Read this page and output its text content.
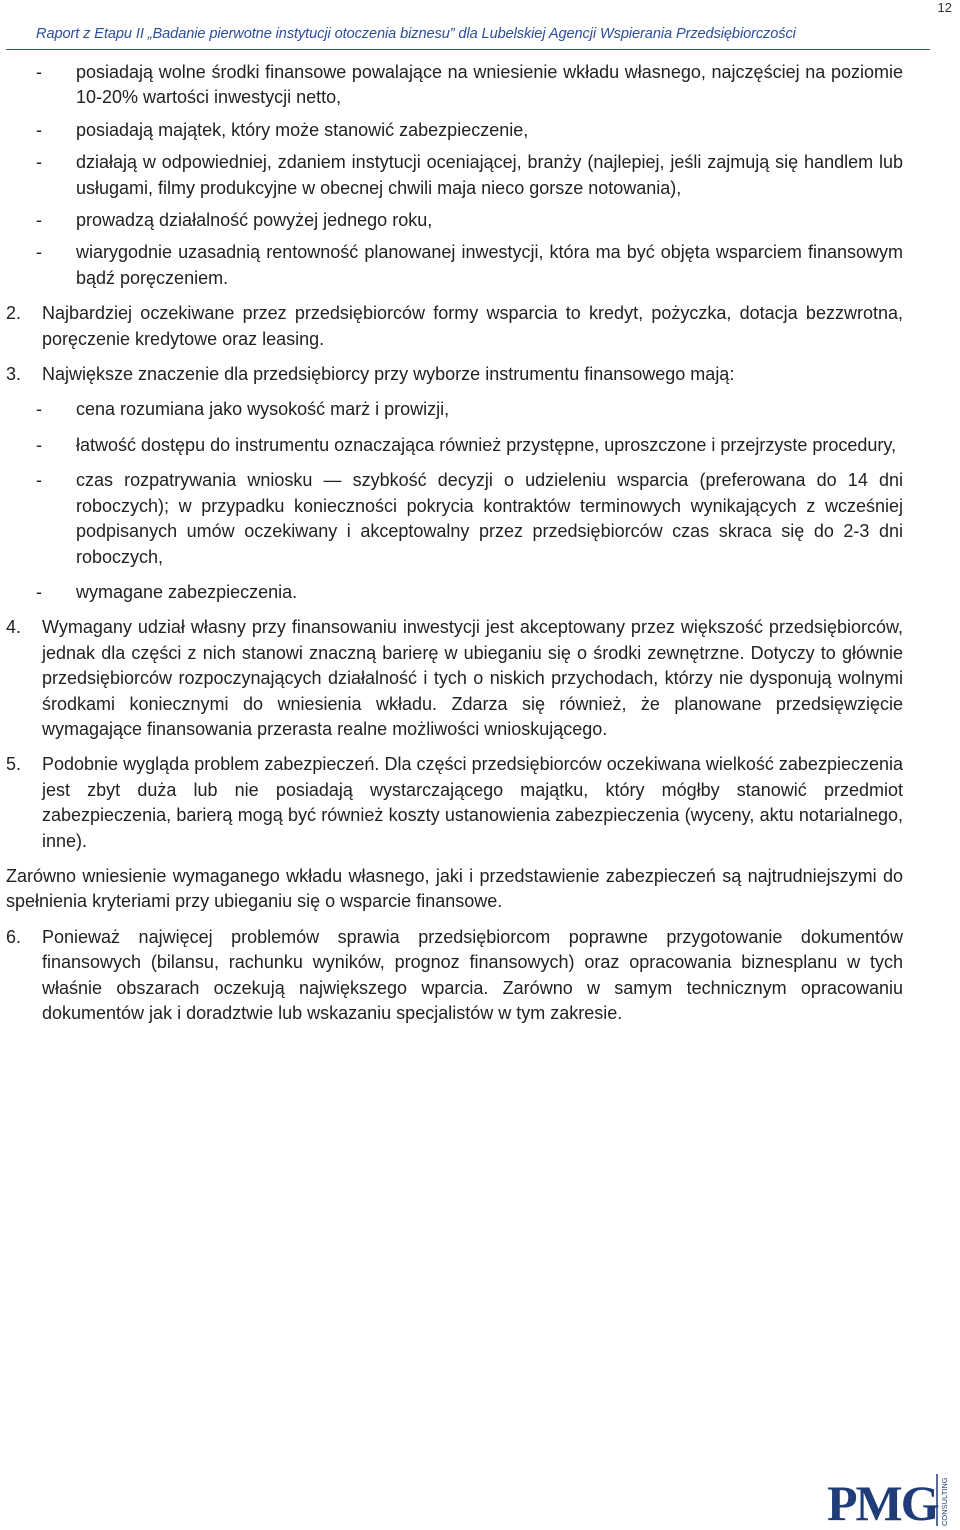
12
Raport z Etapu II „Badanie pierwotne instytucji otoczenia biznesu” dla Lubelskiej Agencji Wspierania Przedsiębiorczości
-	posiadają wolne środki finansowe powalające na wniesienie wkładu własnego, najczęściej na poziomie 10-20% wartości inwestycji netto,
-	posiadają majątek, który może stanowić zabezpieczenie,
-	działają w odpowiedniej, zdaniem instytucji oceniającej, branży (najlepiej, jeśli zajmują się handlem lub usługami, filmy produkcyjne w obecnej chwili maja nieco gorsze notowania),
-	prowadzą działalność powyżej jednego roku,
-	wiarygodnie uzasadnią rentowność planowanej inwestycji, która ma być objęta wsparciem finansowym bądź poręczeniem.
2.	Najbardziej oczekiwane przez przedsiębiorców formy wsparcia to kredyt, pożyczka, dotacja bezzwrotna, poręczenie kredytowe oraz leasing.
3.	Największe znaczenie dla przedsiębiorcy przy wyborze instrumentu finansowego mają:
-	cena rozumiana jako wysokość marż i prowizji,
-	łatwość dostępu do instrumentu oznaczająca również przystępne, uproszczone i przejrzyste procedury,
-	czas rozpatrywania wniosku — szybkość decyzji o udzieleniu wsparcia (preferowana do 14 dni roboczych); w przypadku konieczności pokrycia kontraktów terminowych wynikających z wcześniej podpisanych umów oczekiwany i akceptowalny przez przedsiębiorców czas skraca się do 2-3 dni roboczych,
-	wymagane zabezpieczenia.
4.	Wymagany udział własny przy finansowaniu inwestycji jest akceptowany przez większość przedsiębiorców, jednak dla części z nich stanowi znaczną barierę w ubieganiu się o środki zewnętrzne. Dotyczy to głównie przedsiębiorców rozpoczynających działalność i tych o niskich przychodach, którzy nie dysponują wolnymi środkami koniecznymi do wniesienia wkładu. Zdarza się również, że planowane przedsięwzięcie wymagające finansowania przerasta realne możliwości wnioskującego.
5.	Podobnie wygląda problem zabezpieczeń. Dla części przedsiębiorców oczekiwana wielkość zabezpieczenia jest zbyt duża lub nie posiadają wystarczającego majątku, który mógłby stanowić przedmiot zabezpieczenia, barierą mogą być również koszty ustanowienia zabezpieczenia (wyceny, aktu notarialnego, inne).
Zarówno wniesienie wymaganego wkładu własnego, jaki i przedstawienie zabezpieczeń są najtrudniejszymi do spełnienia kryteriami przy ubieganiu się o wsparcie finansowe.
6.	Ponieważ najwięcej problemów sprawia przedsiębiorcom poprawne przygotowanie dokumentów finansowych (bilansu, rachunku wyników, prognoz finansowych) oraz opracowania biznesplanu w tych właśnie obszarach oczekują największego wparcia. Zarówno w samym technicznym opracowaniu dokumentów jak i doradztwie lub wskazaniu specjalistów w tym zakresie.
PMG CONSULTING
